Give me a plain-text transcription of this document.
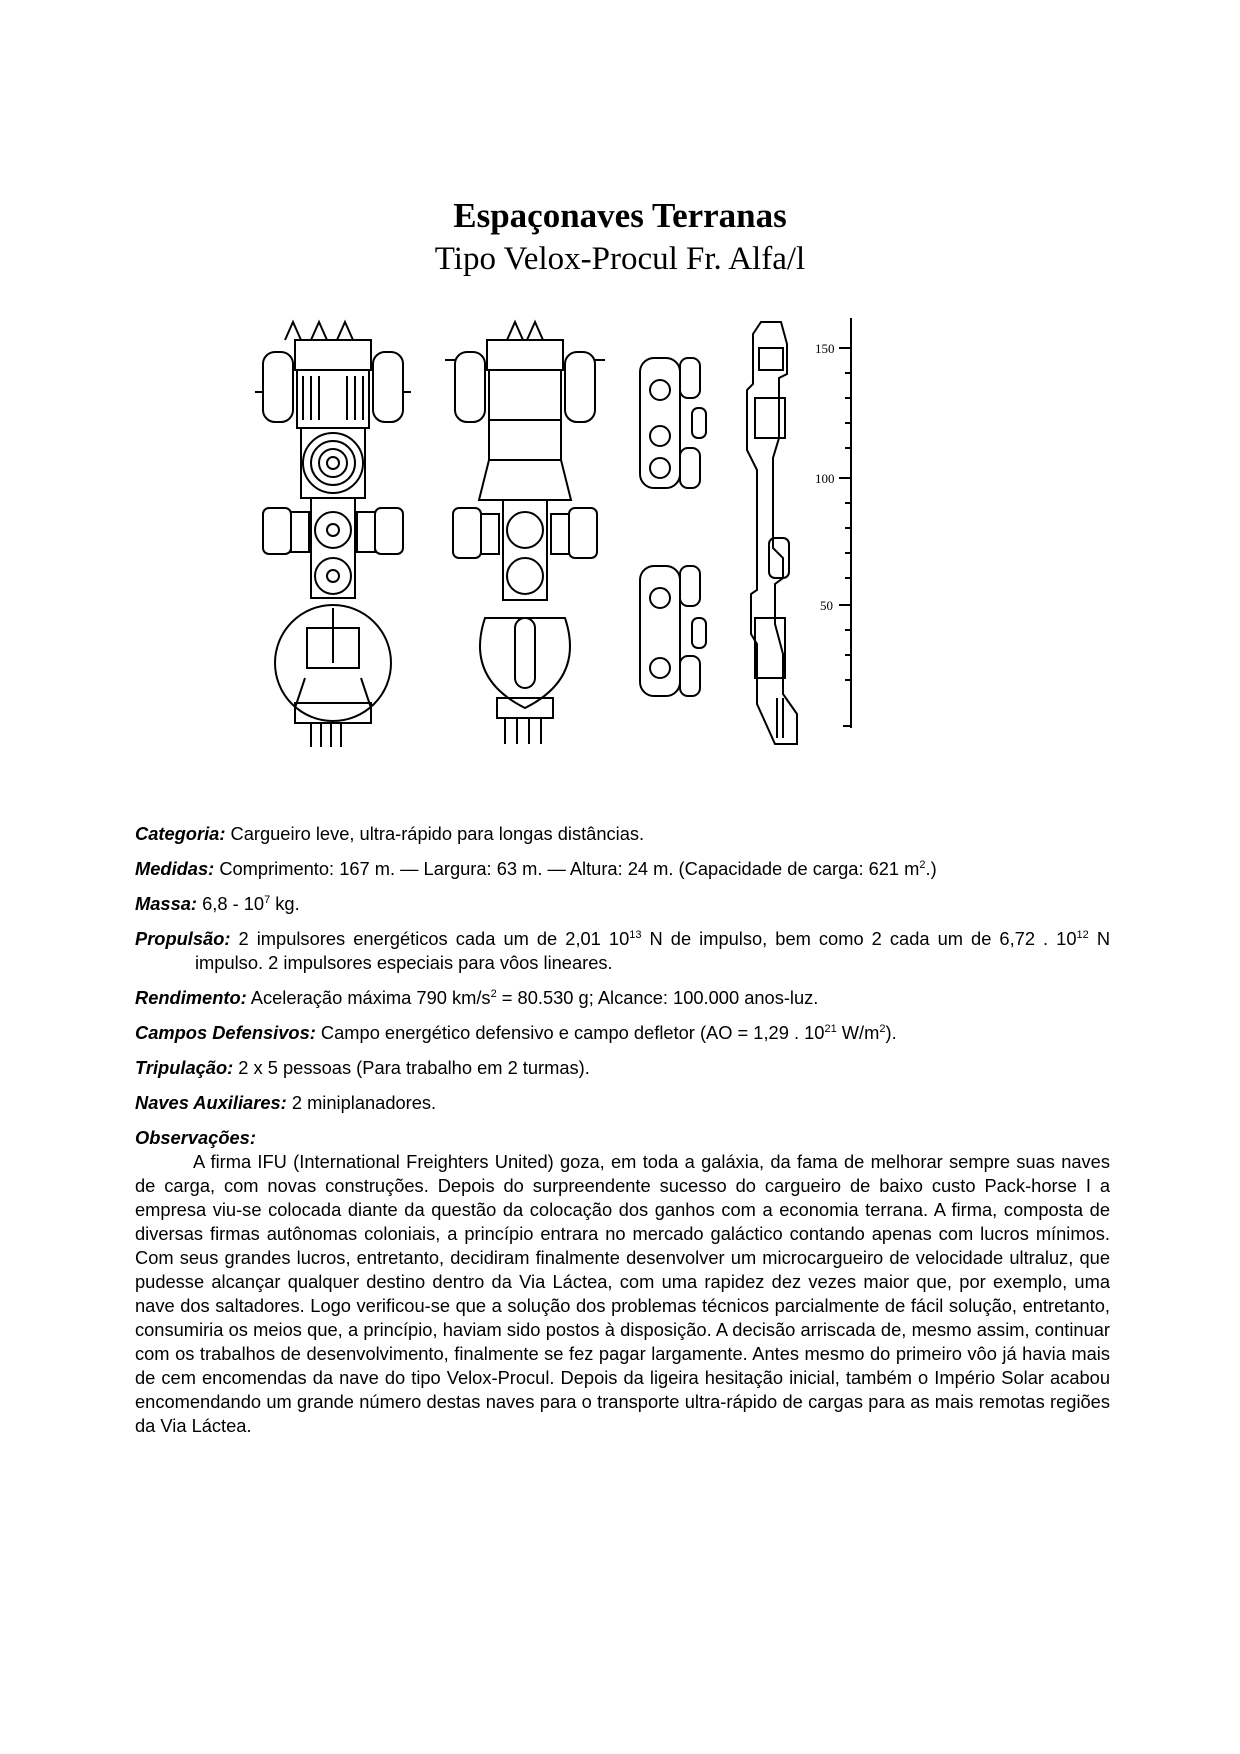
Espaçonaves Terranas
Tipo Velox-Procul Fr. Alfa/l
150
100
50

Categoria: Cargueiro leve, ultra-rápido para longas distâncias.

Medidas: Comprimento: 167 m. — Largura: 63 m. — Altura: 24 m. (Capacidade de carga: 621 $m^2$.)

Massa: $6,8 - 10^7$ kg.

Propulsão: 2 impulsores energéticos cada um de 2,01 $10^{13}$ N de impulso, bem como 2 cada um de 6,72 . $10^{12}$ N impulso. 2 impulsores especiais para vôos lineares.

Rendimento: Aceleração máxima 790 $km/s^2 = 80.530$ g; Alcance: 100.000 anos-luz.

Campos Defensivos: Campo energético defensivo e campo defletor (AO = 1,29 . $10^{21}$ $W/m^2$).

Tripulação: 2 x 5 pessoas (Para trabalho em 2 turmas).

Naves Auxiliares: 2 miniplanadores.

Observações:

A firma IFU (International Freighters United) goza, em toda a galáxia, da fama de melhorar sempre suas naves de carga, com novas construções. Depois do surpreendente sucesso do cargueiro de baixo custo Pack-horse I a empresa viu-se colocada diante da questão da colocação dos ganhos com a economia terrana. A firma, composta de diversas firmas autônomas coloniais, a princípio entrara no mercado galáctico contando apenas com lucros mínimos. Com seus grandes lucros, entretanto, decidiram finalmente desenvolver um microcargueiro de velocidade ultraluz, que pudesse alcançar qualquer destino dentro da Via Láctea, com uma rapidez dez vezes maior que, por exemplo, uma nave dos saltadores. Logo verificou-se que a solução dos problemas técnicos parcialmente de fácil solução, entretanto, consumiria os meios que, a princípio, haviam sido postos à disposição. A decisão arriscada de, mesmo assim, continuar com os trabalhos de desenvolvimento, finalmente se fez pagar largamente. Antes mesmo do primeiro vôo já havia mais de cem encomendas da nave do tipo Velox-Procul. Depois da ligeira hesitação inicial, também o Império Solar acabou encomendando um grande número destas naves para o transporte ultra-rápido de cargas para as mais remotas regiões da Via Láctea.
